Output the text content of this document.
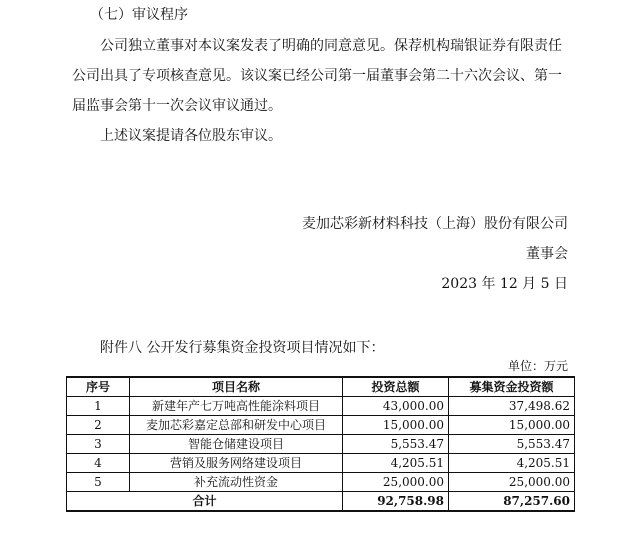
（七）审议程序
公司独立董事对本议案发表了明确的同意意见。保荐机构瑞银证券有限责任
公司出具了专项核查意见。该议案已经公司第一届董事会第二十六次会议、第一
届监事会第十一次会议审议通过。
上述议案提请各位股东审议。
麦加芯彩新材料科技（上海）股份有限公司
董事会
2023 年 12 月 5 日
附件八 公开发行募集资金投资项目情况如下：
单位：万元
序号	项目名称	投资总额	募集资金投资额
1	新建年产七万吨高性能涂料项目	43,000.00	37,498.62
2	麦加芯彩嘉定总部和研发中心项目	15,000.00	15,000.00
3	智能仓储建设项目	5,553.47	5,553.47
4	营销及服务网络建设项目	4,205.51	4,205.51
5	补充流动性资金	25,000.00	25,000.00
合计		92,758.98	87,257.60
